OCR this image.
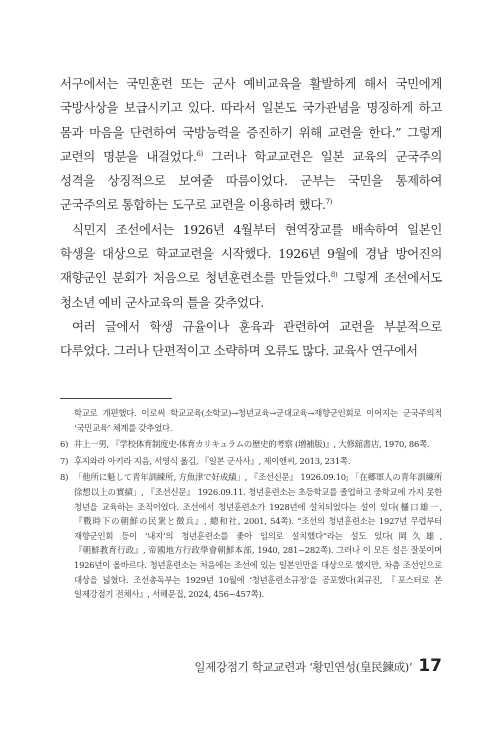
서구에서는 국민훈련 또는 군사 예비교육을 활발하게 해서 국민에게 국방사상을 보급시키고 있다. 따라서 일본도 국가관념을 명징하게 하고 몸과 마음을 단련하여 국방능력을 증진하기 위해 교련을 한다.” 그렇게 교련의 명분을 내걸었다.$^{6)}$ 그러나 학교교련은 일본 교육의 군국주의 성격을 상징적으로 보여줄 따름이었다. 군부는 국민을 통제하여 군국주의로 통합하는 도구로 교련을 이용하려 했다.$^{7)}$

식민지 조선에서는 1926년 4월부터 현역장교를 배속하여 일본인 학생을 대상으로 학교교련을 시작했다. 1926년 9월에 경남 방어진의 재향군인 분회가 처음으로 청년훈련소를 만들었다.$^{8)}$ 그렇게 조선에서도 청소년 예비 군사교육의 틀을 갖추었다.

여러 글에서 학생 규율이나 훈육과 관련하여 교련을 부분적으로 다루었다. 그러나 단편적이고 소략하며 오류도 많다. 교육사 연구에서

학교로 개편했다. 이로써 학교교육(소학교)→청년교육→군대교육→재향군인회로 이어지는 군국주의적 ‘국민교육’ 체계를 갖추었다.
6) 井上一男, 『学校体育制度史-体育カリキュラムの歴史的考察 (増補版)』, 大修舘書店, 1970, 86쪽.
7) 후지와라 아키라 지음, 서영식 옮김, 『일본 군사사』, 제이앤씨, 2013, 231쪽.
8) 「他所に魁して青年訓練所, 方魚津で好成績」, 『조선신문』 1926.09.10; 「在郷軍人の青年訓練所 徐想以上の實績」, 『조선신문』 1926.09.11. 청년훈련소는 초등학교를 졸업하고 중학교에 가지 못한 청년을 교육하는 조직이었다. 조선에서 청년훈련소가 1928년에 설치되었다는 설이 있다(樋口雄一, 『戰時下の朝鮮の民衆と徴兵』, 總和社, 2001, 54쪽). “조선의 청년훈련소는 1927년 무렵부터 재향군인회 등이 ‘내지’의 청년훈련소를 좇아 임의로 설치했다”라는 설도 있다(岡久雄, 『朝鮮教育行政』, 帝國地方行政學會朝鮮本部, 1940, 281~282쪽). 그러나 이 모든 설은 잘못이며 1926년이 올바르다. 청년훈련소는 처음에는 조선에 있는 일본인만을 대상으로 했지만, 차츰 조선인으로 대상을 넓혔다. 조선총독부는 1929년 10월에 ‘청년훈련소규정’을 공포했다(최규진, 『포스터로 본 일제강점기 전체사』, 서해문집, 2024, 456~457쪽).
일제강점기 학교교련과 ‘황민연성(皇民鍊成)’ 17
